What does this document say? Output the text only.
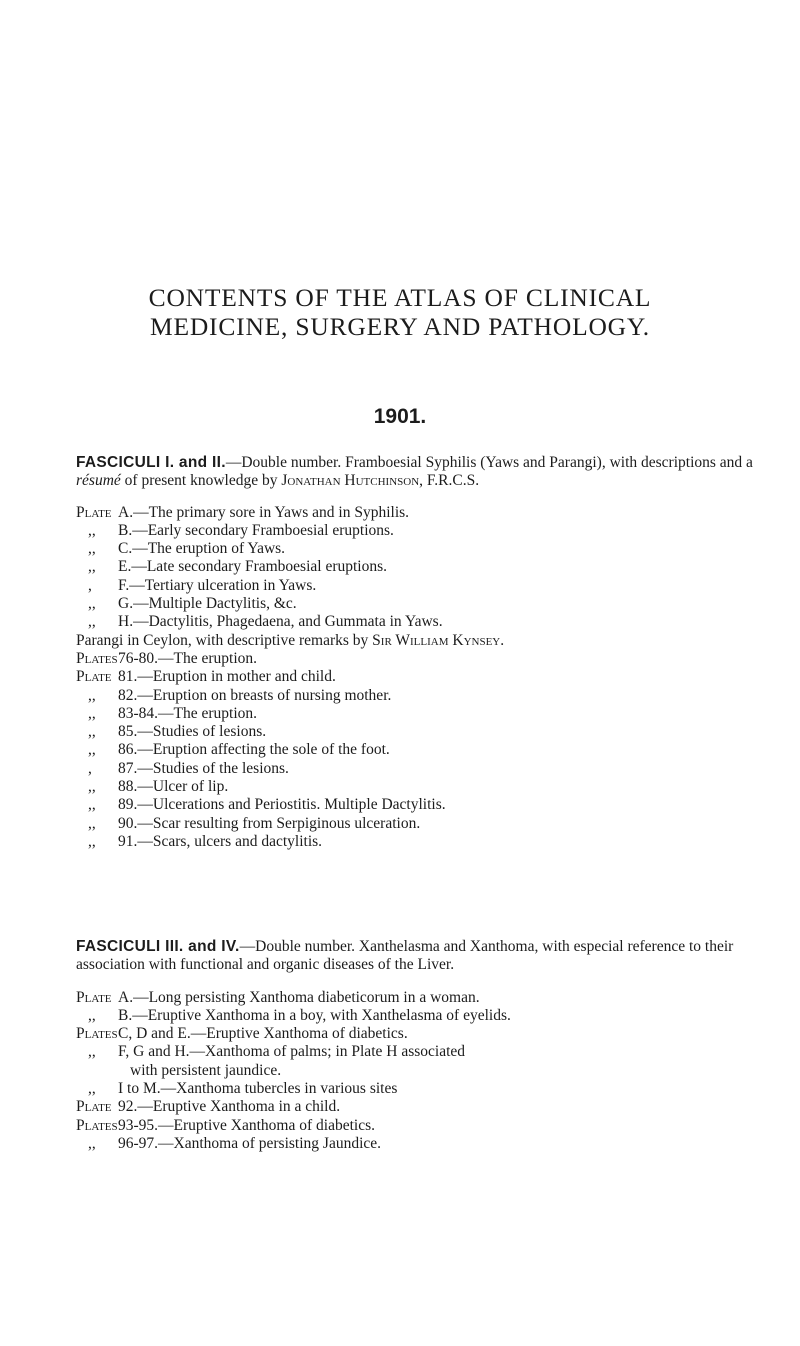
CONTENTS OF THE ATLAS OF CLINICAL
MEDICINE, SURGERY AND PATHOLOGY.
1901.

FASCICULI I. and II.—Double number. Framboesial Syphilis (Yaws and Parangi), with descriptions and a résumé of present knowledge by Jonathan Hutchinson, F.R.C.S.

Plate A.—The primary sore in Yaws and in Syphilis.
,, B.—Early secondary Framboesial eruptions.
,, C.—The eruption of Yaws.
,, E.—Late secondary Framboesial eruptions.
, F.—Tertiary ulceration in Yaws.
,, G.—Multiple Dactylitis, &c.
,, H.—Dactylitis, Phagedaena, and Gummata in Yaws.

Parangi in Ceylon, with descriptive remarks by Sir William Kynsey.

Plates76-80.—The eruption.
Plate 81.—Eruption in mother and child.
,, 82.—Eruption on breasts of nursing mother.
,, 83-84.—The eruption.
,, 85.—Studies of lesions.
,, 86.—Eruption affecting the sole of the foot.
, 87.—Studies of the lesions.
,, 88.—Ulcer of lip.
,, 89.—Ulcerations and Periostitis. Multiple Dactylitis.
,, 90.—Scar resulting from Serpiginous ulceration.
,, 91.—Scars, ulcers and dactylitis.

FASCICULI III. and IV.—Double number. Xanthelasma and Xanthoma, with especial reference to their association with functional and organic diseases of the Liver.

Plate A.—Long persisting Xanthoma diabeticorum in a woman.
,, B.—Eruptive Xanthoma in a boy, with Xanthelasma of eyelids.
PlatesC, D and E.—Eruptive Xanthoma of diabetics.
,, F, G and H.—Xanthoma of palms; in Plate H associated
with persistent jaundice.
,, I to M.—Xanthoma tubercles in various sites
Plate 92.—Eruptive Xanthoma in a child.
Plates93-95.—Eruptive Xanthoma of diabetics.
,, 96-97.—Xanthoma of persisting Jaundice.
